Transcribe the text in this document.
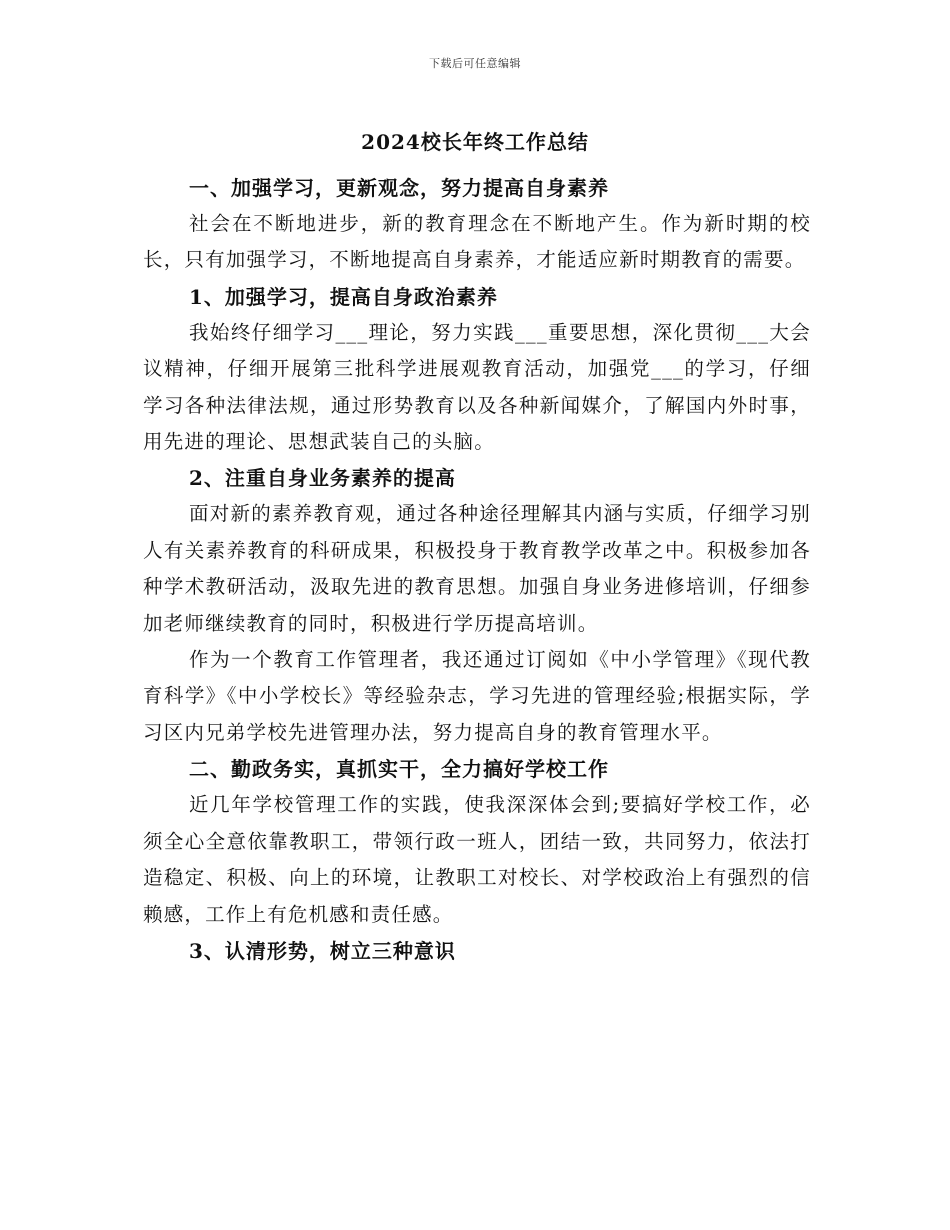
下载后可任意编辑
2024校长年终工作总结
一、加强学习，更新观念，努力提高自身素养

社会在不断地进步，新的教育理念在不断地产生。作为新时期的校长，只有加强学习，不断地提高自身素养，才能适应新时期教育的需要。

1、加强学习，提高自身政治素养

我始终仔细学习___理论，努力实践___重要思想，深化贯彻___大会议精神，仔细开展第三批科学进展观教育活动，加强党___的学习，仔细学习各种法律法规，通过形势教育以及各种新闻媒介，了解国内外时事，用先进的理论、思想武装自己的头脑。

2、注重自身业务素养的提高

面对新的素养教育观，通过各种途径理解其内涵与实质，仔细学习别人有关素养教育的科研成果，积极投身于教育教学改革之中。积极参加各种学术教研活动，汲取先进的教育思想。加强自身业务进修培训，仔细参加老师继续教育的同时，积极进行学历提高培训。

作为一个教育工作管理者，我还通过订阅如《中小学管理》《现代教育科学》《中小学校长》等经验杂志，学习先进的管理经验;根据实际，学习区内兄弟学校先进管理办法，努力提高自身的教育管理水平。

二、勤政务实，真抓实干，全力搞好学校工作

近几年学校管理工作的实践，使我深深体会到;要搞好学校工作，必须全心全意依靠教职工，带领行政一班人，团结一致，共同努力，依法打造稳定、积极、向上的环境，让教职工对校长、对学校政治上有强烈的信赖感，工作上有危机感和责任感。

3、认清形势，树立三种意识
